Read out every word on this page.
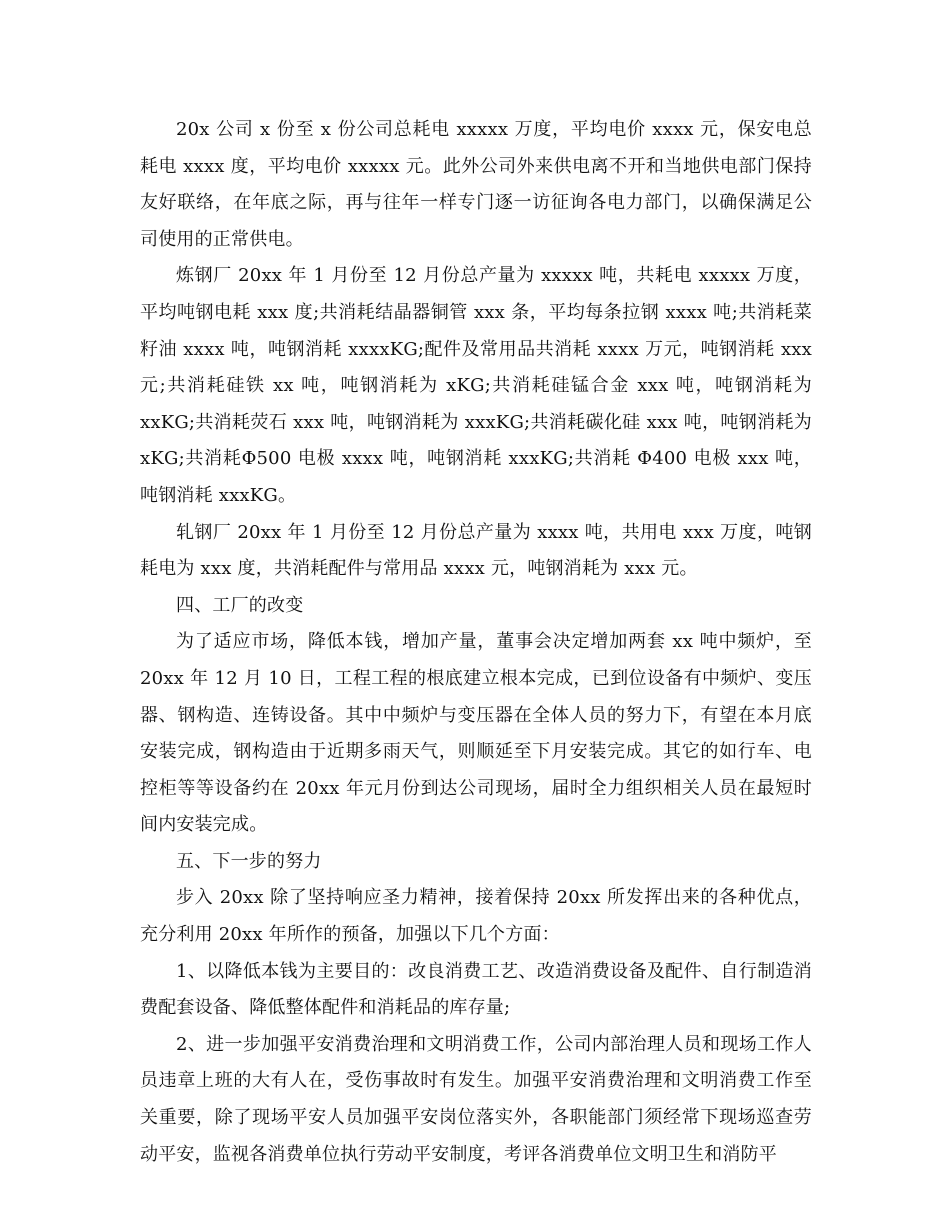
20x 公司 x 份至 x 份公司总耗电 xxxxx 万度，平均电价 xxxx 元，保安电总耗电 xxxx 度，平均电价 xxxxx 元。此外公司外来供电离不开和当地供电部门保持友好联络，在年底之际，再与往年一样专门逐一访征询各电力部门，以确保满足公司使用的正常供电。

炼钢厂 20xx 年 1 月份至 12 月份总产量为 xxxxx 吨，共耗电 xxxxx 万度，平均吨钢电耗 xxx 度;共消耗结晶器铜管 xxx 条，平均每条拉钢 xxxx 吨;共消耗菜籽油 xxxx 吨，吨钢消耗 xxxxKG;配件及常用品共消耗 xxxx 万元，吨钢消耗 xxx 元;共消耗硅铁 xx 吨，吨钢消耗为 xKG;共消耗硅锰合金 xxx 吨，吨钢消耗为 xxKG;共消耗荧石 xxx 吨，吨钢消耗为 xxxKG;共消耗碳化硅 xxx 吨，吨钢消耗为 xKG;共消耗Φ500 电极 xxxx 吨，吨钢消耗 xxxKG;共消耗 Φ400 电极 xxx 吨，吨钢消耗 xxxKG。

轧钢厂 20xx 年 1 月份至 12 月份总产量为 xxxx 吨，共用电 xxx 万度，吨钢耗电为 xxx 度，共消耗配件与常用品 xxxx 元，吨钢消耗为 xxx 元。

四、工厂的改变

为了适应市场，降低本钱，增加产量，董事会决定增加两套 xx 吨中频炉，至 20xx 年 12 月 10 日，工程工程的根底建立根本完成，已到位设备有中频炉、变压器、钢构造、连铸设备。其中中频炉与变压器在全体人员的努力下，有望在本月底安装完成，钢构造由于近期多雨天气，则顺延至下月安装完成。其它的如行车、电控柜等等设备约在 20xx 年元月份到达公司现场，届时全力组织相关人员在最短时间内安装完成。

五、下一步的努力

步入 20xx 除了坚持响应圣力精神，接着保持 20xx 所发挥出来的各种优点，充分利用 20xx 年所作的预备，加强以下几个方面：

1、以降低本钱为主要目的：改良消费工艺、改造消费设备及配件、自行制造消费配套设备、降低整体配件和消耗品的库存量;

2、进一步加强平安消费治理和文明消费工作，公司内部治理人员和现场工作人员违章上班的大有人在，受伤事故时有发生。加强平安消费治理和文明消费工作至关重要，除了现场平安人员加强平安岗位落实外，各职能部门须经常下现场巡查劳动平安，监视各消费单位执行劳动平安制度，考评各消费单位文明卫生和消防平
